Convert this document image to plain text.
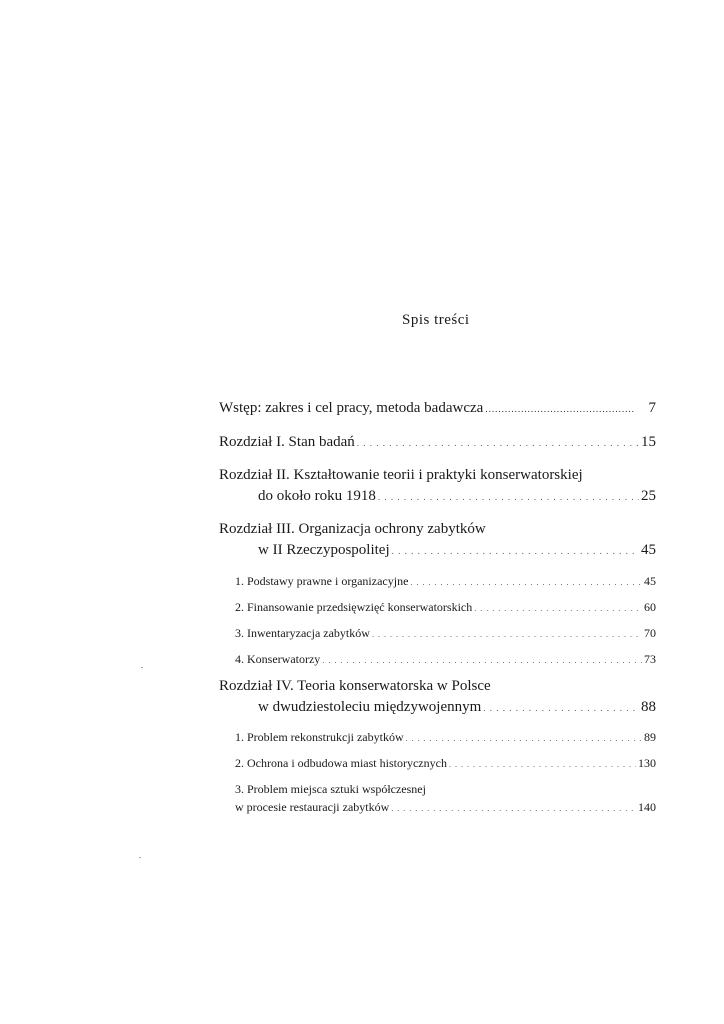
Spis treści
Wstęp: zakres i cel pracy, metoda badawcza .....	7
Rozdział I. Stan badań . . .	15
Rozdział II. Kształtowanie teorii i praktyki konserwatorskiej
do około roku 1918 . . .	25
Rozdział III. Organizacja ochrony zabytków
w II Rzeczypospolitej . . .	45
1. Podstawy prawne i organizacyjne . . .	45
2. Finansowanie przedsięwzięć konserwatorskich . . .	60
3. Inwentaryzacja zabytków . . .	70
4. Konserwatorzy . . .	73
Rozdział IV. Teoria konserwatorska w Polsce
w dwudziestoleciu międzywojennym . . .	88
1. Problem rekonstrukcji zabytków . . .	89
2. Ochrona i odbudowa miast historycznych . . .	130
3. Problem miejsca sztuki współczesnej
w procesie restauracji zabytków . . .	140
